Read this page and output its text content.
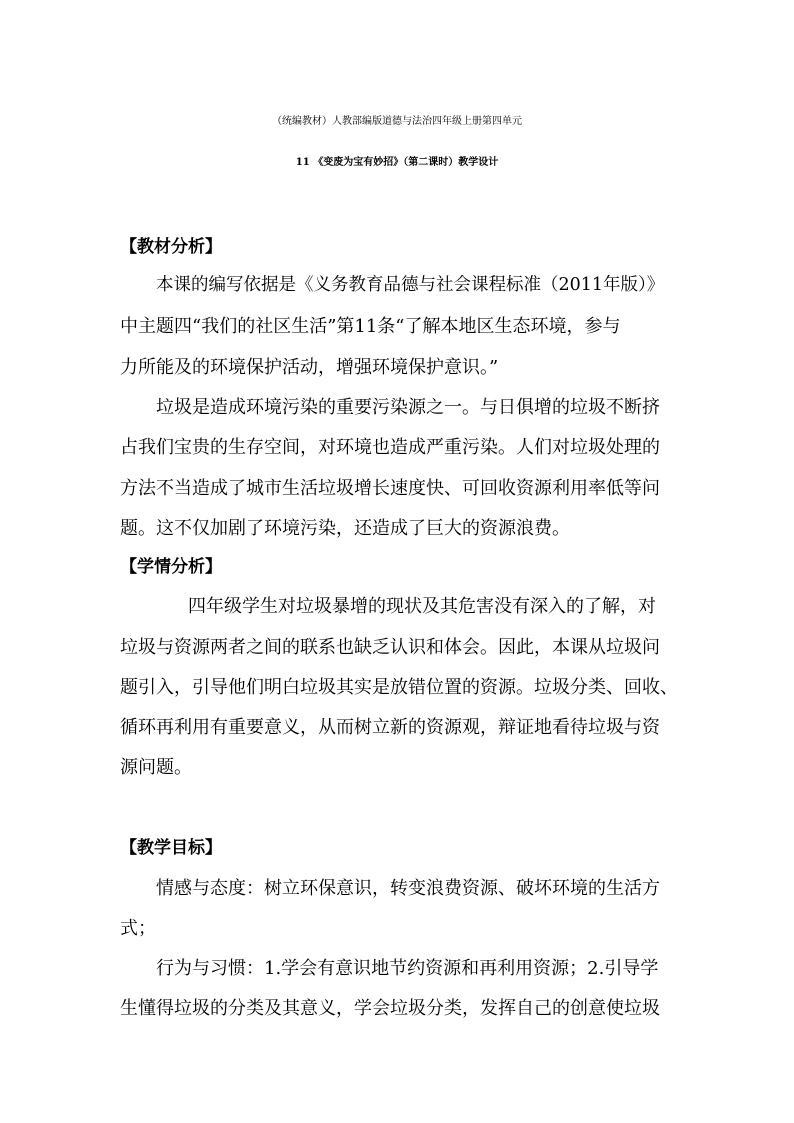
（统编教材）人教部编版道德与法治四年级上册第四单元
11 《变废为宝有妙招》（第二课时）教学设计
【教材分析】
本课的编写依据是《义务教育品德与社会课程标准（2011年版）》
中主题四“我们的社区生活”第11条“了解本地区生态环境，参与
力所能及的环境保护活动，增强环境保护意识。”
垃圾是造成环境污染的重要污染源之一。与日俱增的垃圾不断挤
占我们宝贵的生存空间，对环境也造成严重污染。人们对垃圾处理的
方法不当造成了城市生活垃圾增长速度快、可回收资源利用率低等问
题。这不仅加剧了环境污染，还造成了巨大的资源浪费。
【学情分析】
四年级学生对垃圾暴增的现状及其危害没有深入的了解，对
垃圾与资源两者之间的联系也缺乏认识和体会。因此，本课从垃圾问
题引入，引导他们明白垃圾其实是放错位置的资源。垃圾分类、回收、
循环再利用有重要意义，从而树立新的资源观，辩证地看待垃圾与资
源问题。
【教学目标】
情感与态度：树立环保意识，转变浪费资源、破坏环境的生活方
式；
行为与习惯：1.学会有意识地节约资源和再利用资源；2.引导学
生懂得垃圾的分类及其意义，学会垃圾分类，发挥自己的创意使垃圾
